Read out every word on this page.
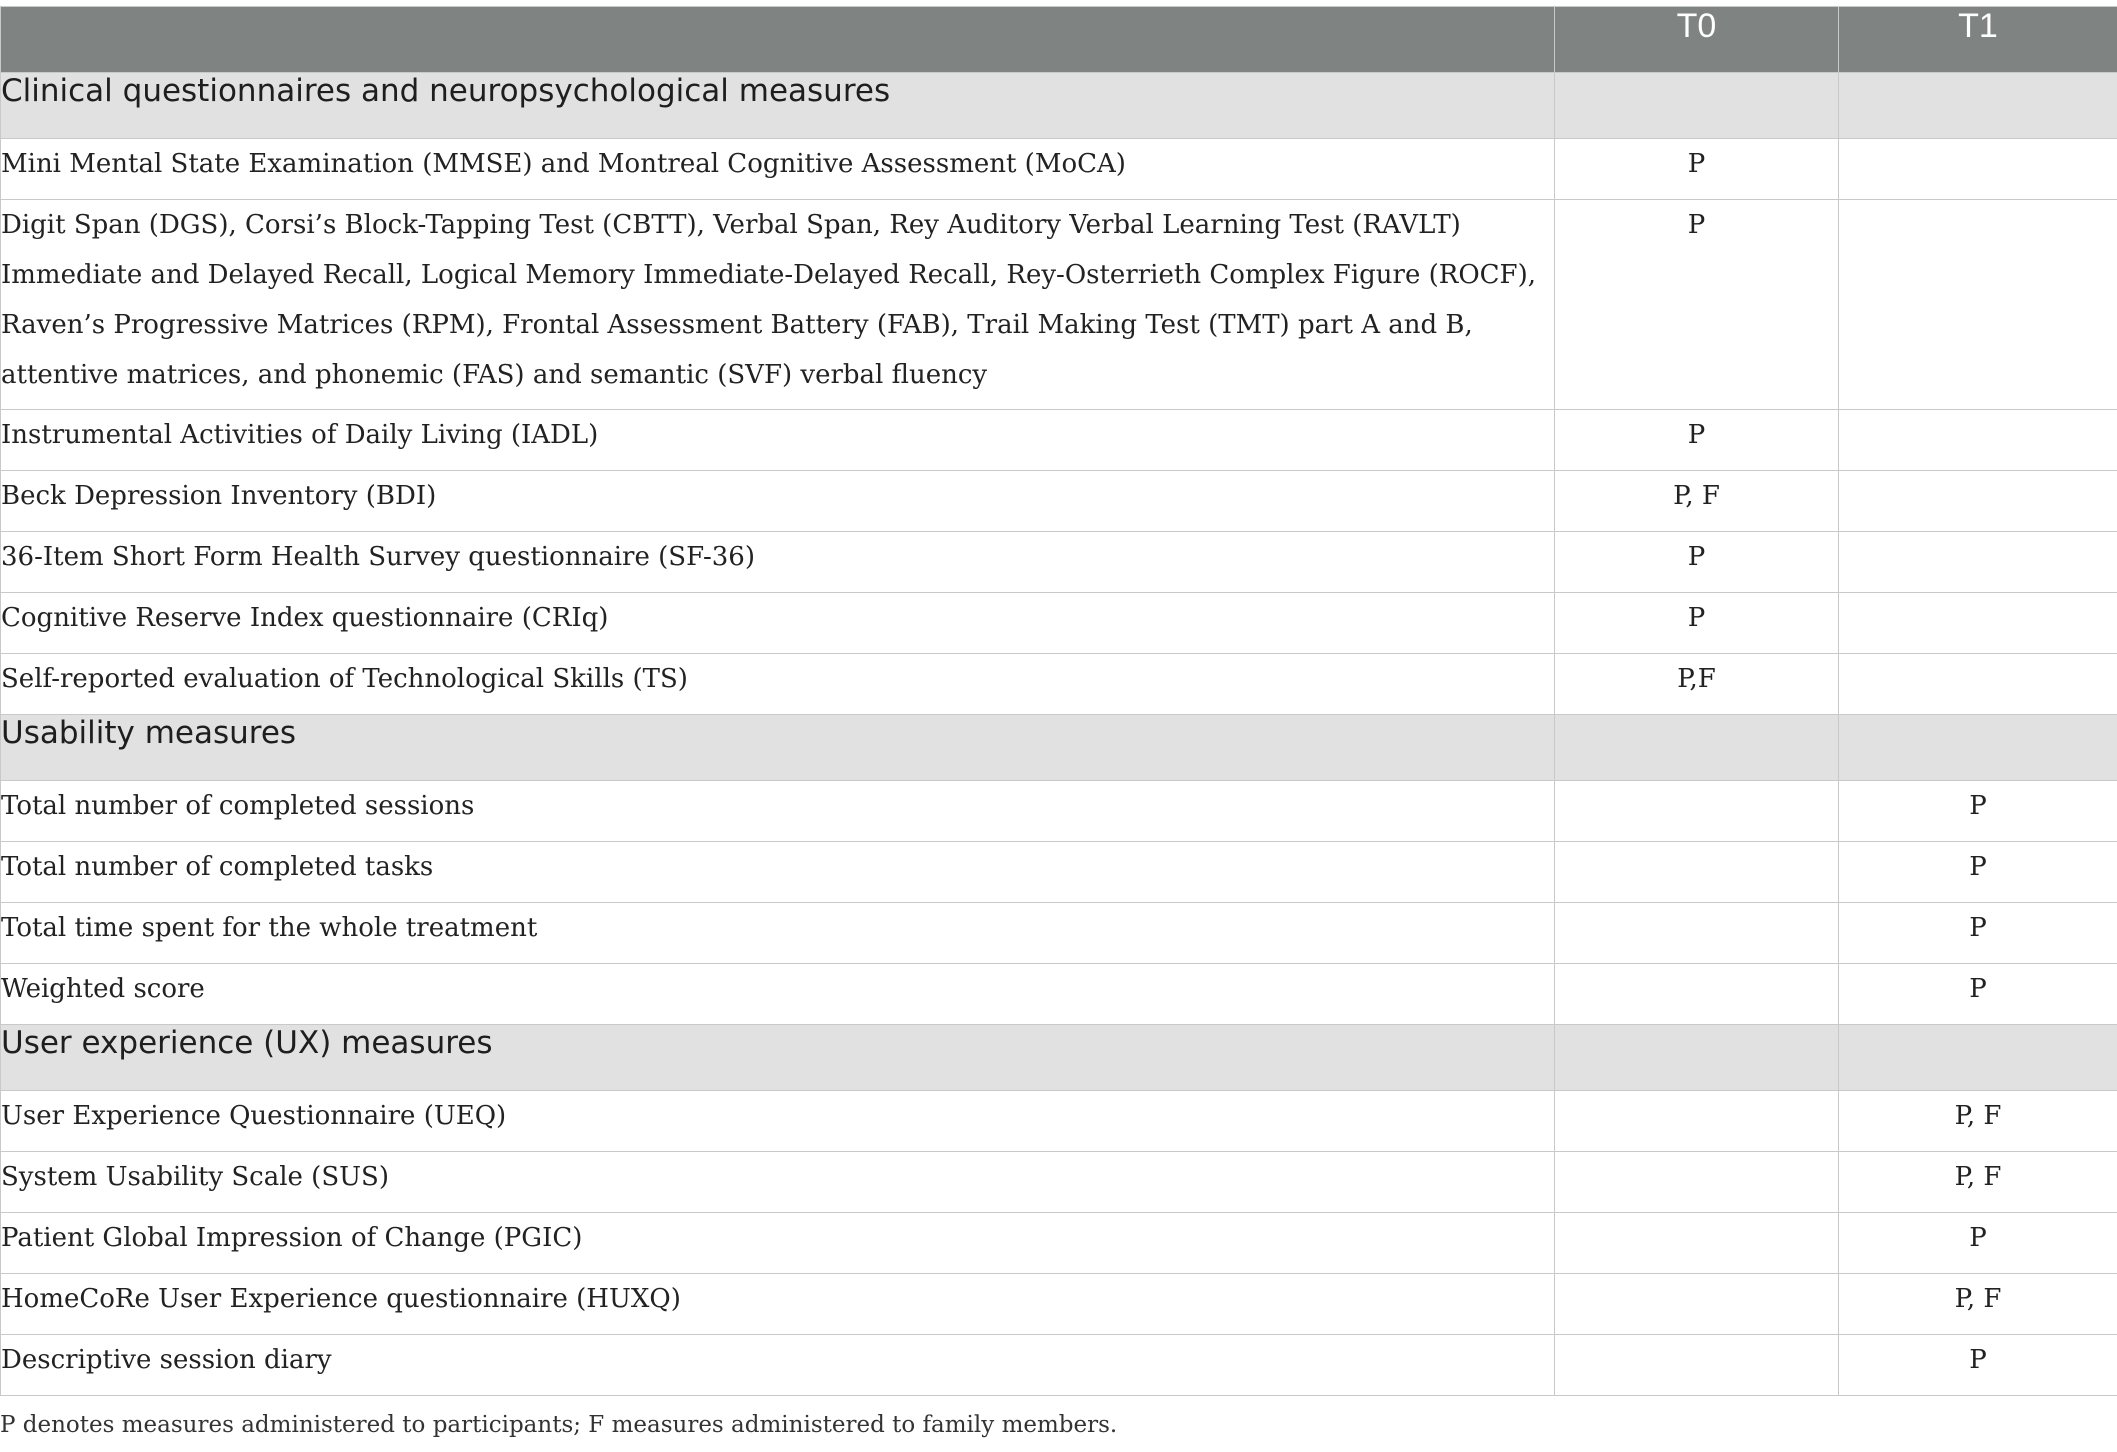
	T0	T1
Clinical questionnaires and neuropsychological measures		
Mini Mental State Examination (MMSE) and Montreal Cognitive Assessment (MoCA)	P	
Digit Span (DGS), Corsi’s Block-Tapping Test (CBTT), Verbal Span, Rey Auditory Verbal Learning Test (RAVLT) Immediate and Delayed Recall, Logical Memory Immediate-Delayed Recall, Rey-Osterrieth Complex Figure (ROCF), Raven’s Progressive Matrices (RPM), Frontal Assessment Battery (FAB), Trail Making Test (TMT) part A and B, attentive matrices, and phonemic (FAS) and semantic (SVF) verbal fluency	P	
Instrumental Activities of Daily Living (IADL)	P	
Beck Depression Inventory (BDI)	P, F	
36-Item Short Form Health Survey questionnaire (SF-36)	P	
Cognitive Reserve Index questionnaire (CRIq)	P	
Self-reported evaluation of Technological Skills (TS)	P,F	
Usability measures		
Total number of completed sessions		P
Total number of completed tasks		P
Total time spent for the whole treatment		P
Weighted score		P
User experience (UX) measures		
User Experience Questionnaire (UEQ)		P, F
System Usability Scale (SUS)		P, F
Patient Global Impression of Change (PGIC)		P
HomeCoRe User Experience questionnaire (HUXQ)		P, F
Descriptive session diary		P
P denotes measures administered to participants; F measures administered to family members.
